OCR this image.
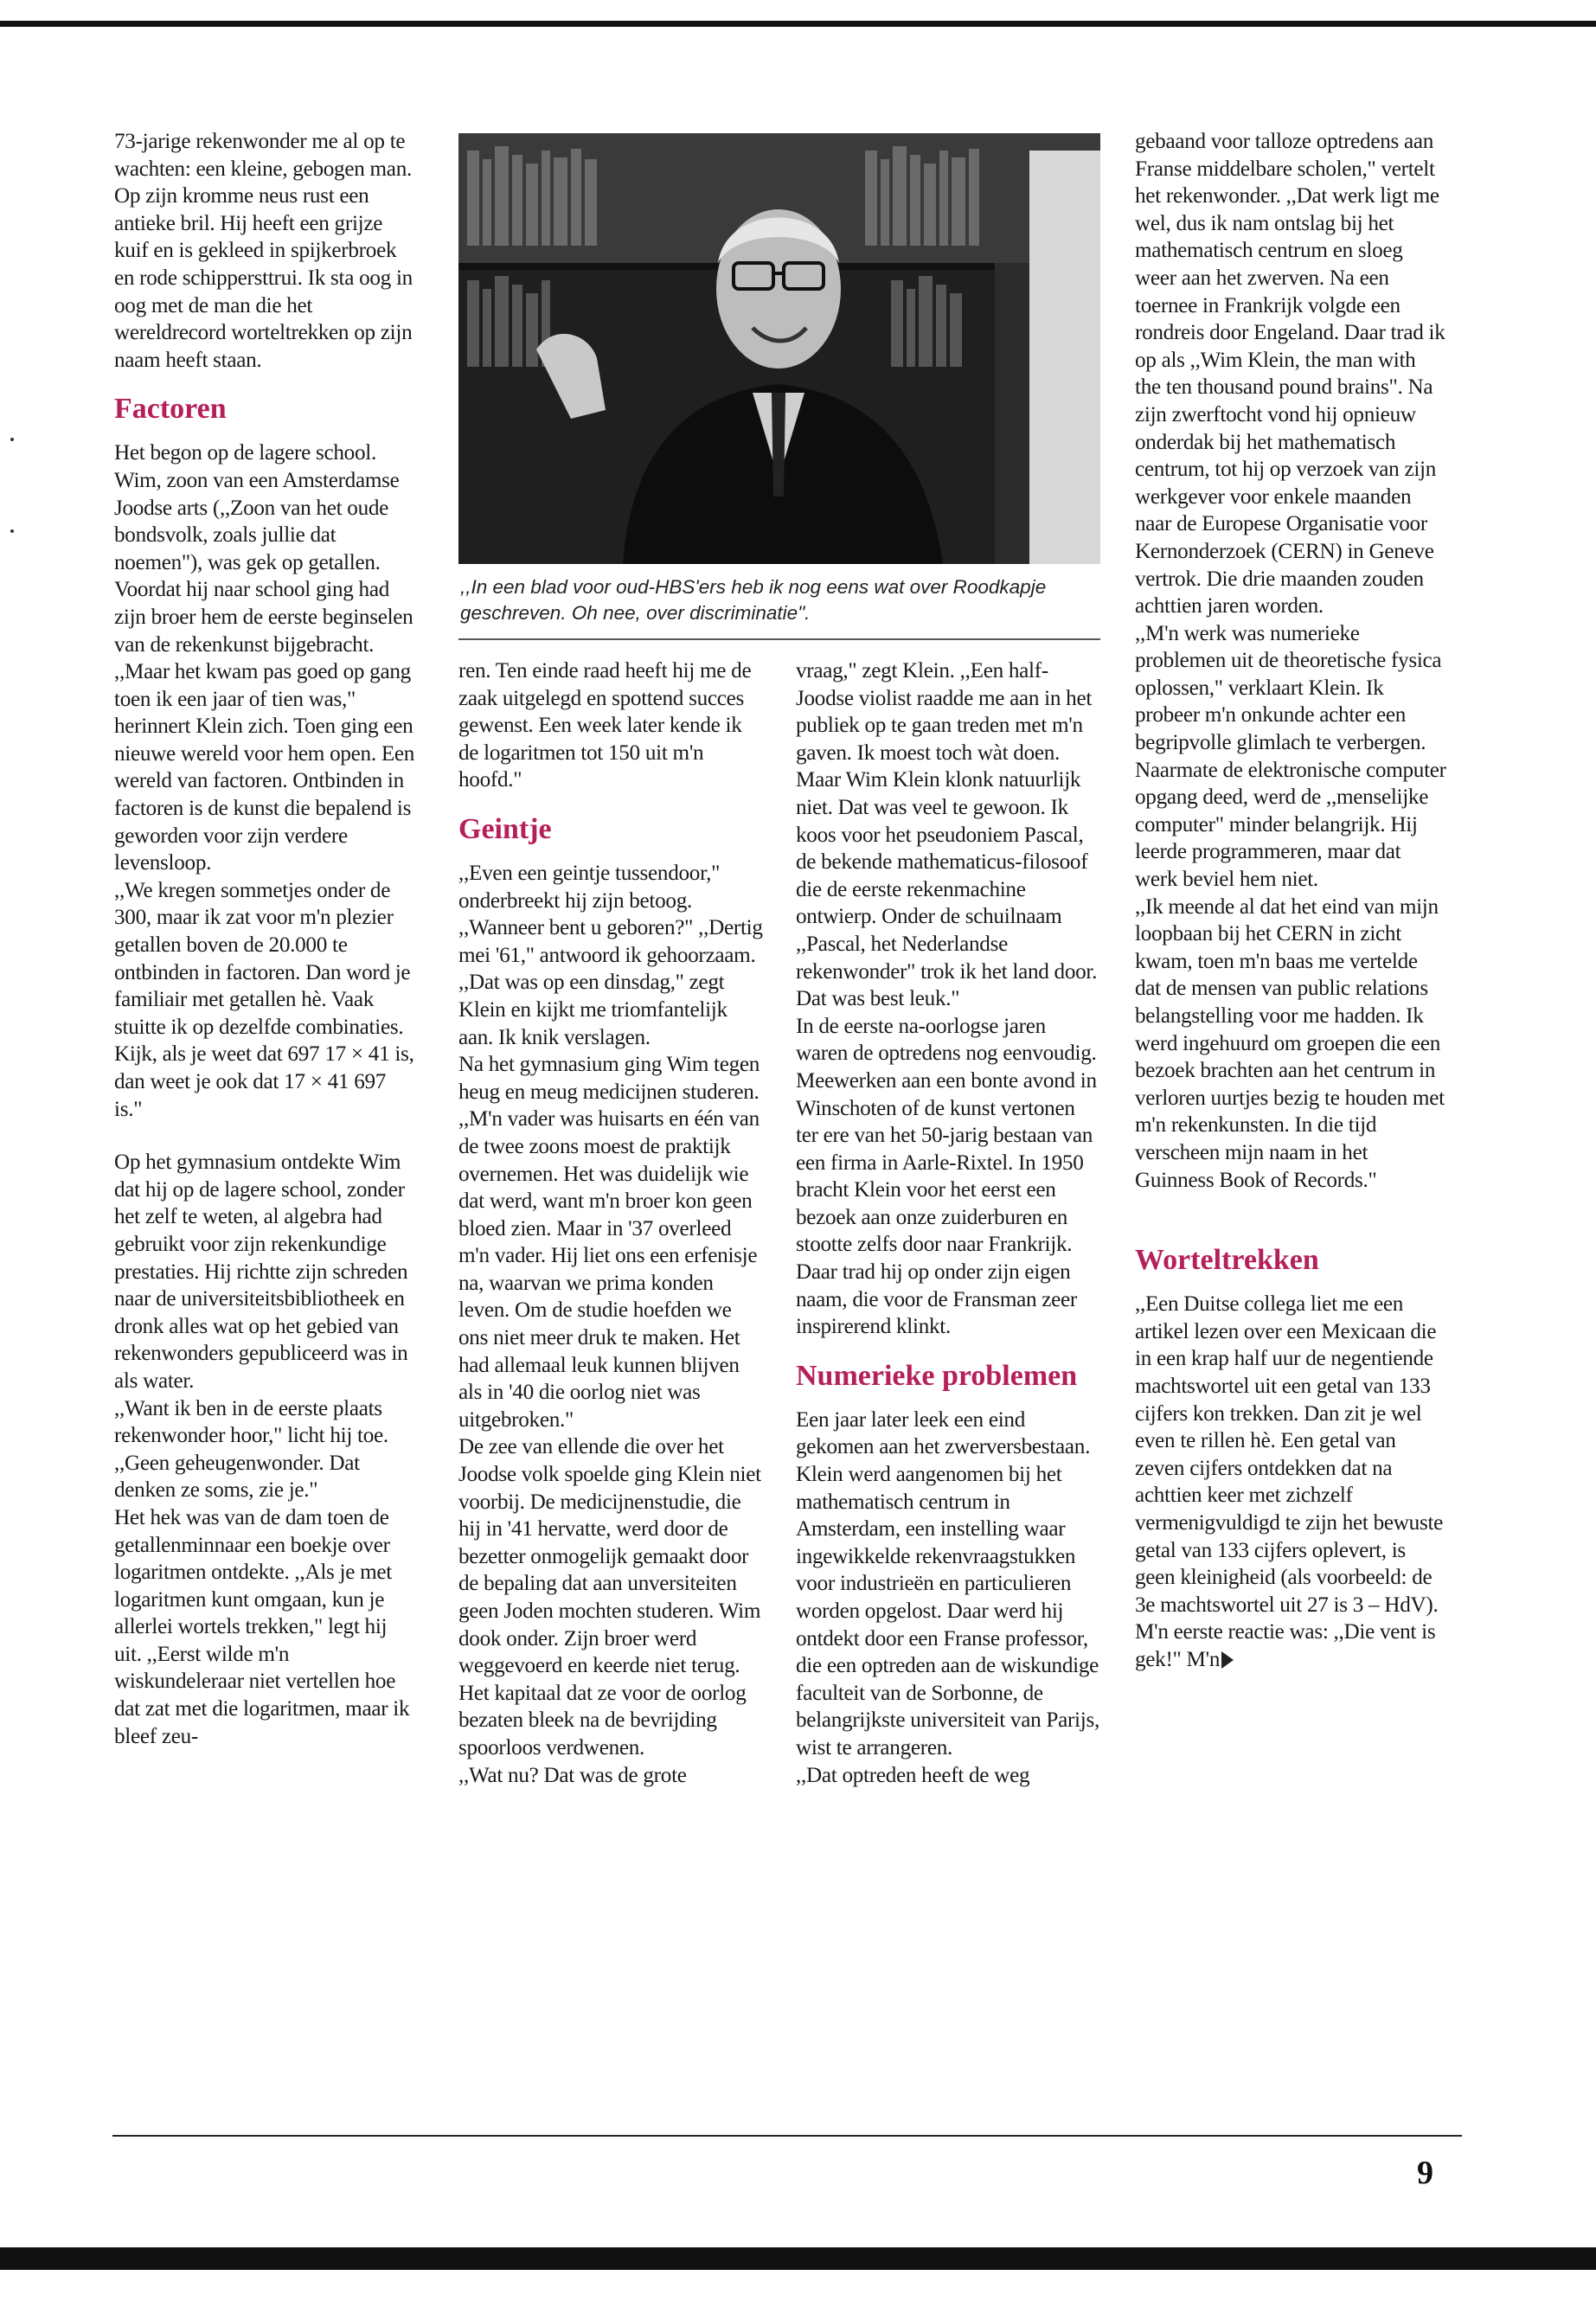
73-jarige rekenwonder me al op te wachten: een kleine, gebogen man. Op zijn kromme neus rust een antieke bril. Hij heeft een grijze kuif en is gekleed in spijkerbroek en rode schippersttrui. Ik sta oog in oog met de man die het wereldrecord worteltrekken op zijn naam heeft staan.

Factoren

Het begon op de lagere school. Wim, zoon van een Amsterdamse Joodse arts (,,Zoon van het oude bondsvolk, zoals jullie dat noemen"), was gek op getallen. Voordat hij naar school ging had zijn broer hem de eerste beginselen van de rekenkunst bijgebracht. ,,Maar het kwam pas goed op gang toen ik een jaar of tien was," herinnert Klein zich. Toen ging een nieuwe wereld voor hem open. Een wereld van factoren. Ontbinden in factoren is de kunst die bepalend is geworden voor zijn verdere levensloop.

,,We kregen sommetjes onder de 300, maar ik zat voor m'n plezier getallen boven de 20.000 te ontbinden in factoren. Dan word je familiair met getallen hè. Vaak stuitte ik op dezelfde combinaties. Kijk, als je weet dat 697 17 × 41 is, dan weet je ook dat 17 × 41 697 is."

Op het gymnasium ontdekte Wim dat hij op de lagere school, zonder het zelf te weten, al algebra had gebruikt voor zijn rekenkundige prestaties. Hij richtte zijn schreden naar de universiteitsbibliotheek en dronk alles wat op het gebied van rekenwonders gepubliceerd was in als water.

,,Want ik ben in de eerste plaats rekenwonder hoor," licht hij toe. ,,Geen geheugenwonder. Dat denken ze soms, zie je."

Het hek was van de dam toen de getallenminnaar een boekje over logaritmen ontdekte. ,,Als je met logaritmen kunt omgaan, kun je allerlei wortels trekken," legt hij uit. ,,Eerst wilde m'n wiskundeleraar niet vertellen hoe dat zat met die logaritmen, maar ik bleef zeu-

,,In een blad voor oud-HBS'ers heb ik nog eens wat over Roodkapje geschreven. Oh nee, over discriminatie".

ren. Ten einde raad heeft hij me de zaak uitgelegd en spottend succes gewenst. Een week later kende ik de logaritmen tot 150 uit m'n hoofd."

Geintje

,,Even een geintje tussendoor," onderbreekt hij zijn betoog. ,,Wanneer bent u geboren?" ,,Dertig mei '61," antwoord ik gehoorzaam. ,,Dat was op een dinsdag," zegt Klein en kijkt me triomfantelijk aan. Ik knik verslagen.

Na het gymnasium ging Wim tegen heug en meug medicijnen studeren. ,,M'n vader was huisarts en één van de twee zoons moest de praktijk overnemen. Het was duidelijk wie dat werd, want m'n broer kon geen bloed zien. Maar in '37 overleed m'n vader. Hij liet ons een erfenisje na, waarvan we prima konden leven. Om de studie hoefden we ons niet meer druk te maken. Het had allemaal leuk kunnen blijven als in '40 die oorlog niet was uitgebroken."

De zee van ellende die over het Joodse volk spoelde ging Klein niet voorbij. De medicijnenstudie, die hij in '41 hervatte, werd door de bezetter onmogelijk gemaakt door de bepaling dat aan unversiteiten geen Joden mochten studeren. Wim dook onder. Zijn broer werd weggevoerd en keerde niet terug. Het kapitaal dat ze voor de oorlog bezaten bleek na de bevrijding spoorloos verdwenen.

,,Wat nu? Dat was de grote

vraag," zegt Klein. ,,Een half-Joodse violist raadde me aan in het publiek op te gaan treden met m'n gaven. Ik moest toch wàt doen. Maar Wim Klein klonk natuurlijk niet. Dat was veel te gewoon. Ik koos voor het pseudoniem Pascal, de bekende mathematicus-filosoof die de eerste rekenmachine ontwierp. Onder de schuilnaam ,,Pascal, het Nederlandse rekenwonder" trok ik het land door. Dat was best leuk."

In de eerste na-oorlogse jaren waren de optredens nog eenvoudig. Meewerken aan een bonte avond in Winschoten of de kunst vertonen ter ere van het 50-jarig bestaan van een firma in Aarle-Rixtel. In 1950 bracht Klein voor het eerst een bezoek aan onze zuiderburen en stootte zelfs door naar Frankrijk. Daar trad hij op onder zijn eigen naam, die voor de Fransman zeer inspirerend klinkt.

Numerieke problemen

Een jaar later leek een eind gekomen aan het zwerversbestaan. Klein werd aangenomen bij het mathematisch centrum in Amsterdam, een instelling waar ingewikkelde rekenvraagstukken voor industrieën en particulieren worden opgelost. Daar werd hij ontdekt door een Franse professor, die een optreden aan de wiskundige faculteit van de Sorbonne, de belangrijkste universiteit van Parijs, wist te arrangeren.

,,Dat optreden heeft de weg

gebaand voor talloze optredens aan Franse middelbare scholen," vertelt het rekenwonder. ,,Dat werk ligt me wel, dus ik nam ontslag bij het mathematisch centrum en sloeg weer aan het zwerven. Na een toernee in Frankrijk volgde een rondreis door Engeland. Daar trad ik op als ,,Wim Klein, the man with the ten thousand pound brains". Na zijn zwerftocht vond hij opnieuw onderdak bij het mathematisch centrum, tot hij op verzoek van zijn werkgever voor enkele maanden naar de Europese Organisatie voor Kernonderzoek (CERN) in Geneve vertrok. Die drie maanden zouden achttien jaren worden.

,,M'n werk was numerieke problemen uit de theoretische fysica oplossen," verklaart Klein. Ik probeer m'n onkunde achter een begripvolle glimlach te verbergen. Naarmate de elektronische computer opgang deed, werd de ,,menselijke computer" minder belangrijk. Hij leerde programmeren, maar dat werk beviel hem niet.

,,Ik meende al dat het eind van mijn loopbaan bij het CERN in zicht kwam, toen m'n baas me vertelde dat de mensen van public relations belangstelling voor me hadden. Ik werd ingehuurd om groepen die een bezoek brachten aan het centrum in verloren uurtjes bezig te houden met m'n rekenkunsten. In die tijd verscheen mijn naam in het Guinness Book of Records."

Worteltrekken

,,Een Duitse collega liet me een artikel lezen over een Mexicaan die in een krap half uur de negentiende machtswortel uit een getal van 133 cijfers kon trekken. Dan zit je wel even te rillen hè. Een getal van zeven cijfers ontdekken dat na achttien keer met zichzelf vermenigvuldigd te zijn het bewuste getal van 133 cijfers oplevert, is geen kleinigheid (als voorbeeld: de 3e machtswortel uit 27 is 3 – HdV). M'n eerste reactie was: ,,Die vent is gek!" M'n

9
